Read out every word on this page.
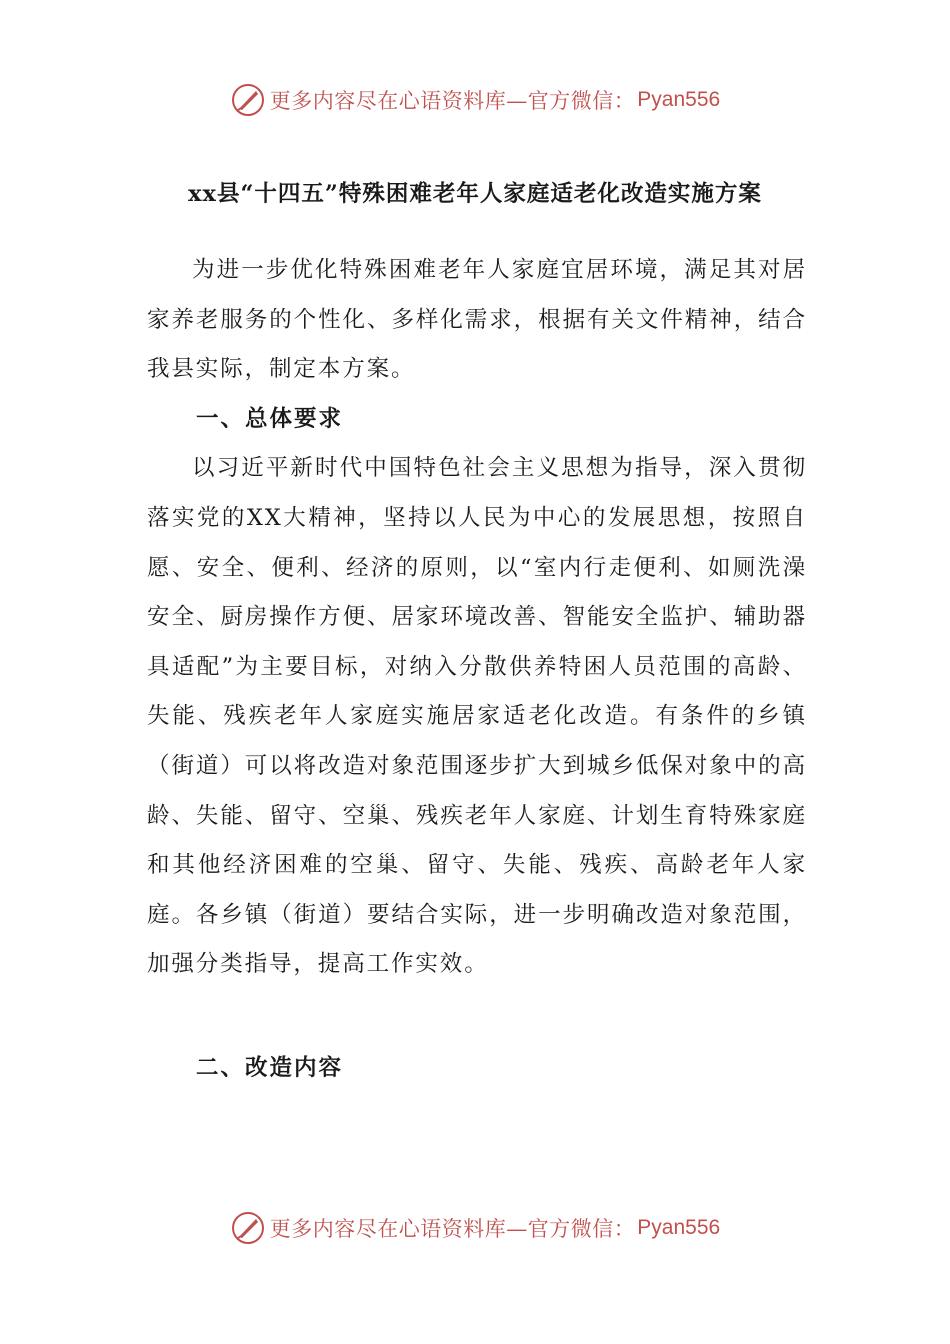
更多内容尽在心语资料库—官方微信： Pyan556
xx县“十四五”特殊困难老年人家庭适老化改造实施方案

为进一步优化特殊困难老年人家庭宜居环境，满足其对居家养老服务的个性化、多样化需求，根据有关文件精神，结合我县实际，制定本方案。

一、总体要求

以习近平新时代中国特色社会主义思想为指导，深入贯彻落实党的XX大精神，坚持以人民为中心的发展思想，按照自愿、安全、便利、经济的原则，以“室内行走便利、如厕洗澡安全、厨房操作方便、居家环境改善、智能安全监护、辅助器具适配”为主要目标，对纳入分散供养特困人员范围的高龄、失能、残疾老年人家庭实施居家适老化改造。有条件的乡镇（街道）可以将改造对象范围逐步扩大到城乡低保对象中的高龄、失能、留守、空巢、残疾老年人家庭、计划生育特殊家庭和其他经济困难的空巢、留守、失能、残疾、高龄老年人家庭。各乡镇（街道）要结合实际，进一步明确改造对象范围，加强分类指导，提高工作实效。

二、改造内容

更多内容尽在心语资料库—官方微信： Pyan556
